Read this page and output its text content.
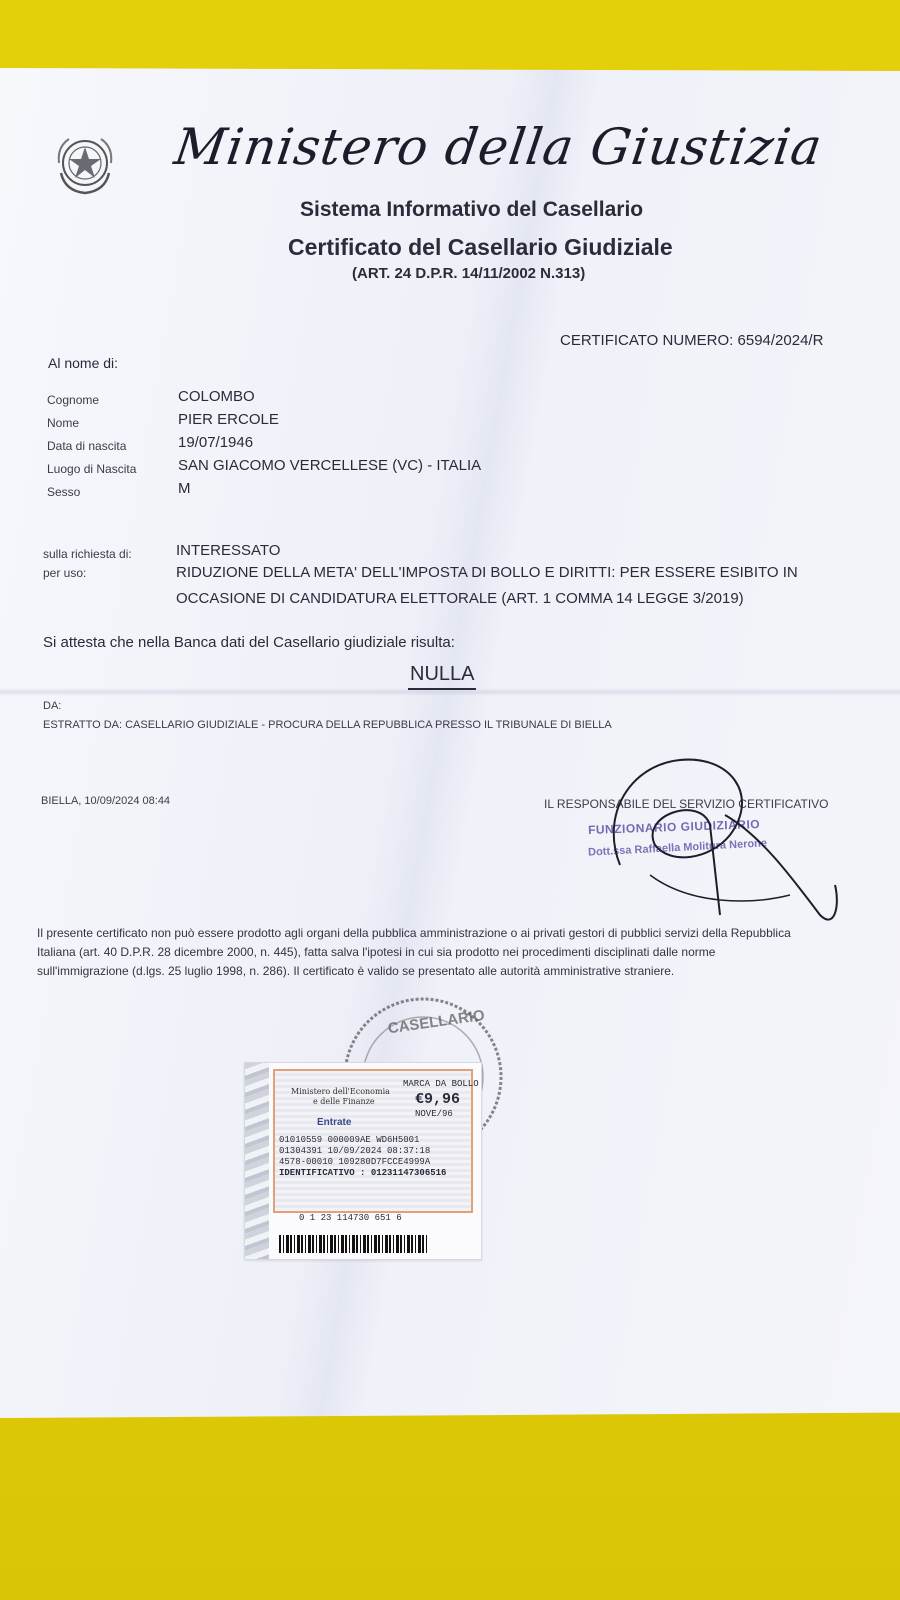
Ministero della Giustizia
Sistema Informativo del Casellario
Certificato del Casellario Giudiziale
(ART. 24 D.P.R. 14/11/2002 N.313)
CERTIFICATO NUMERO: 6594/2024/R
Al nome di:
Cognome	COLOMBO
Nome	PIER ERCOLE
Data di nascita	19/07/1946
Luogo di Nascita	SAN GIACOMO VERCELLESE (VC) - ITALIA
Sesso	M
sulla richiesta di:	INTERESSATO
per uso:	RIDUZIONE DELLA META' DELL'IMPOSTA DI BOLLO E DIRITTI: PER ESSERE ESIBITO IN
OCCASIONE DI CANDIDATURA ELETTORALE (ART. 1 COMMA 14 LEGGE 3/2019)
Si attesta che nella Banca dati del Casellario giudiziale risulta:
NULLA
DA:
ESTRATTO DA: CASELLARIO GIUDIZIALE - PROCURA DELLA REPUBBLICA PRESSO IL TRIBUNALE DI BIELLA
BIELLA, 10/09/2024 08:44	IL RESPONSABILE DEL SERVIZIO CERTIFICATIVO
FUNZIONARIO GIUDIZIARIO
Dott.ssa Raffaella Molitura Nerone
Il presente certificato non può essere prodotto agli organi della pubblica amministrazione o ai privati gestori di pubblici servizi della Repubblica
Italiana (art. 40 D.P.R. 28 dicembre 2000, n. 445), fatta salva l'ipotesi in cui sia prodotto nei procedimenti disciplinati dalle norme
sull'immigrazione (d.lgs. 25 luglio 1998, n. 286). Il certificato è valido se presentato alle autorità amministrative straniere.
CASELLARIO
Ministero dell'Economia
e delle Finanze
MARCA DA BOLLO
€9,96
NOVE/96
Entrate
01010559 000009AE WD6H5001
01304391 10/09/2024 08:37:18
4578-00010 109280D7FCCE4999A
IDENTIFICATIVO : 01231147306516
0 1 23 114730 651 6
